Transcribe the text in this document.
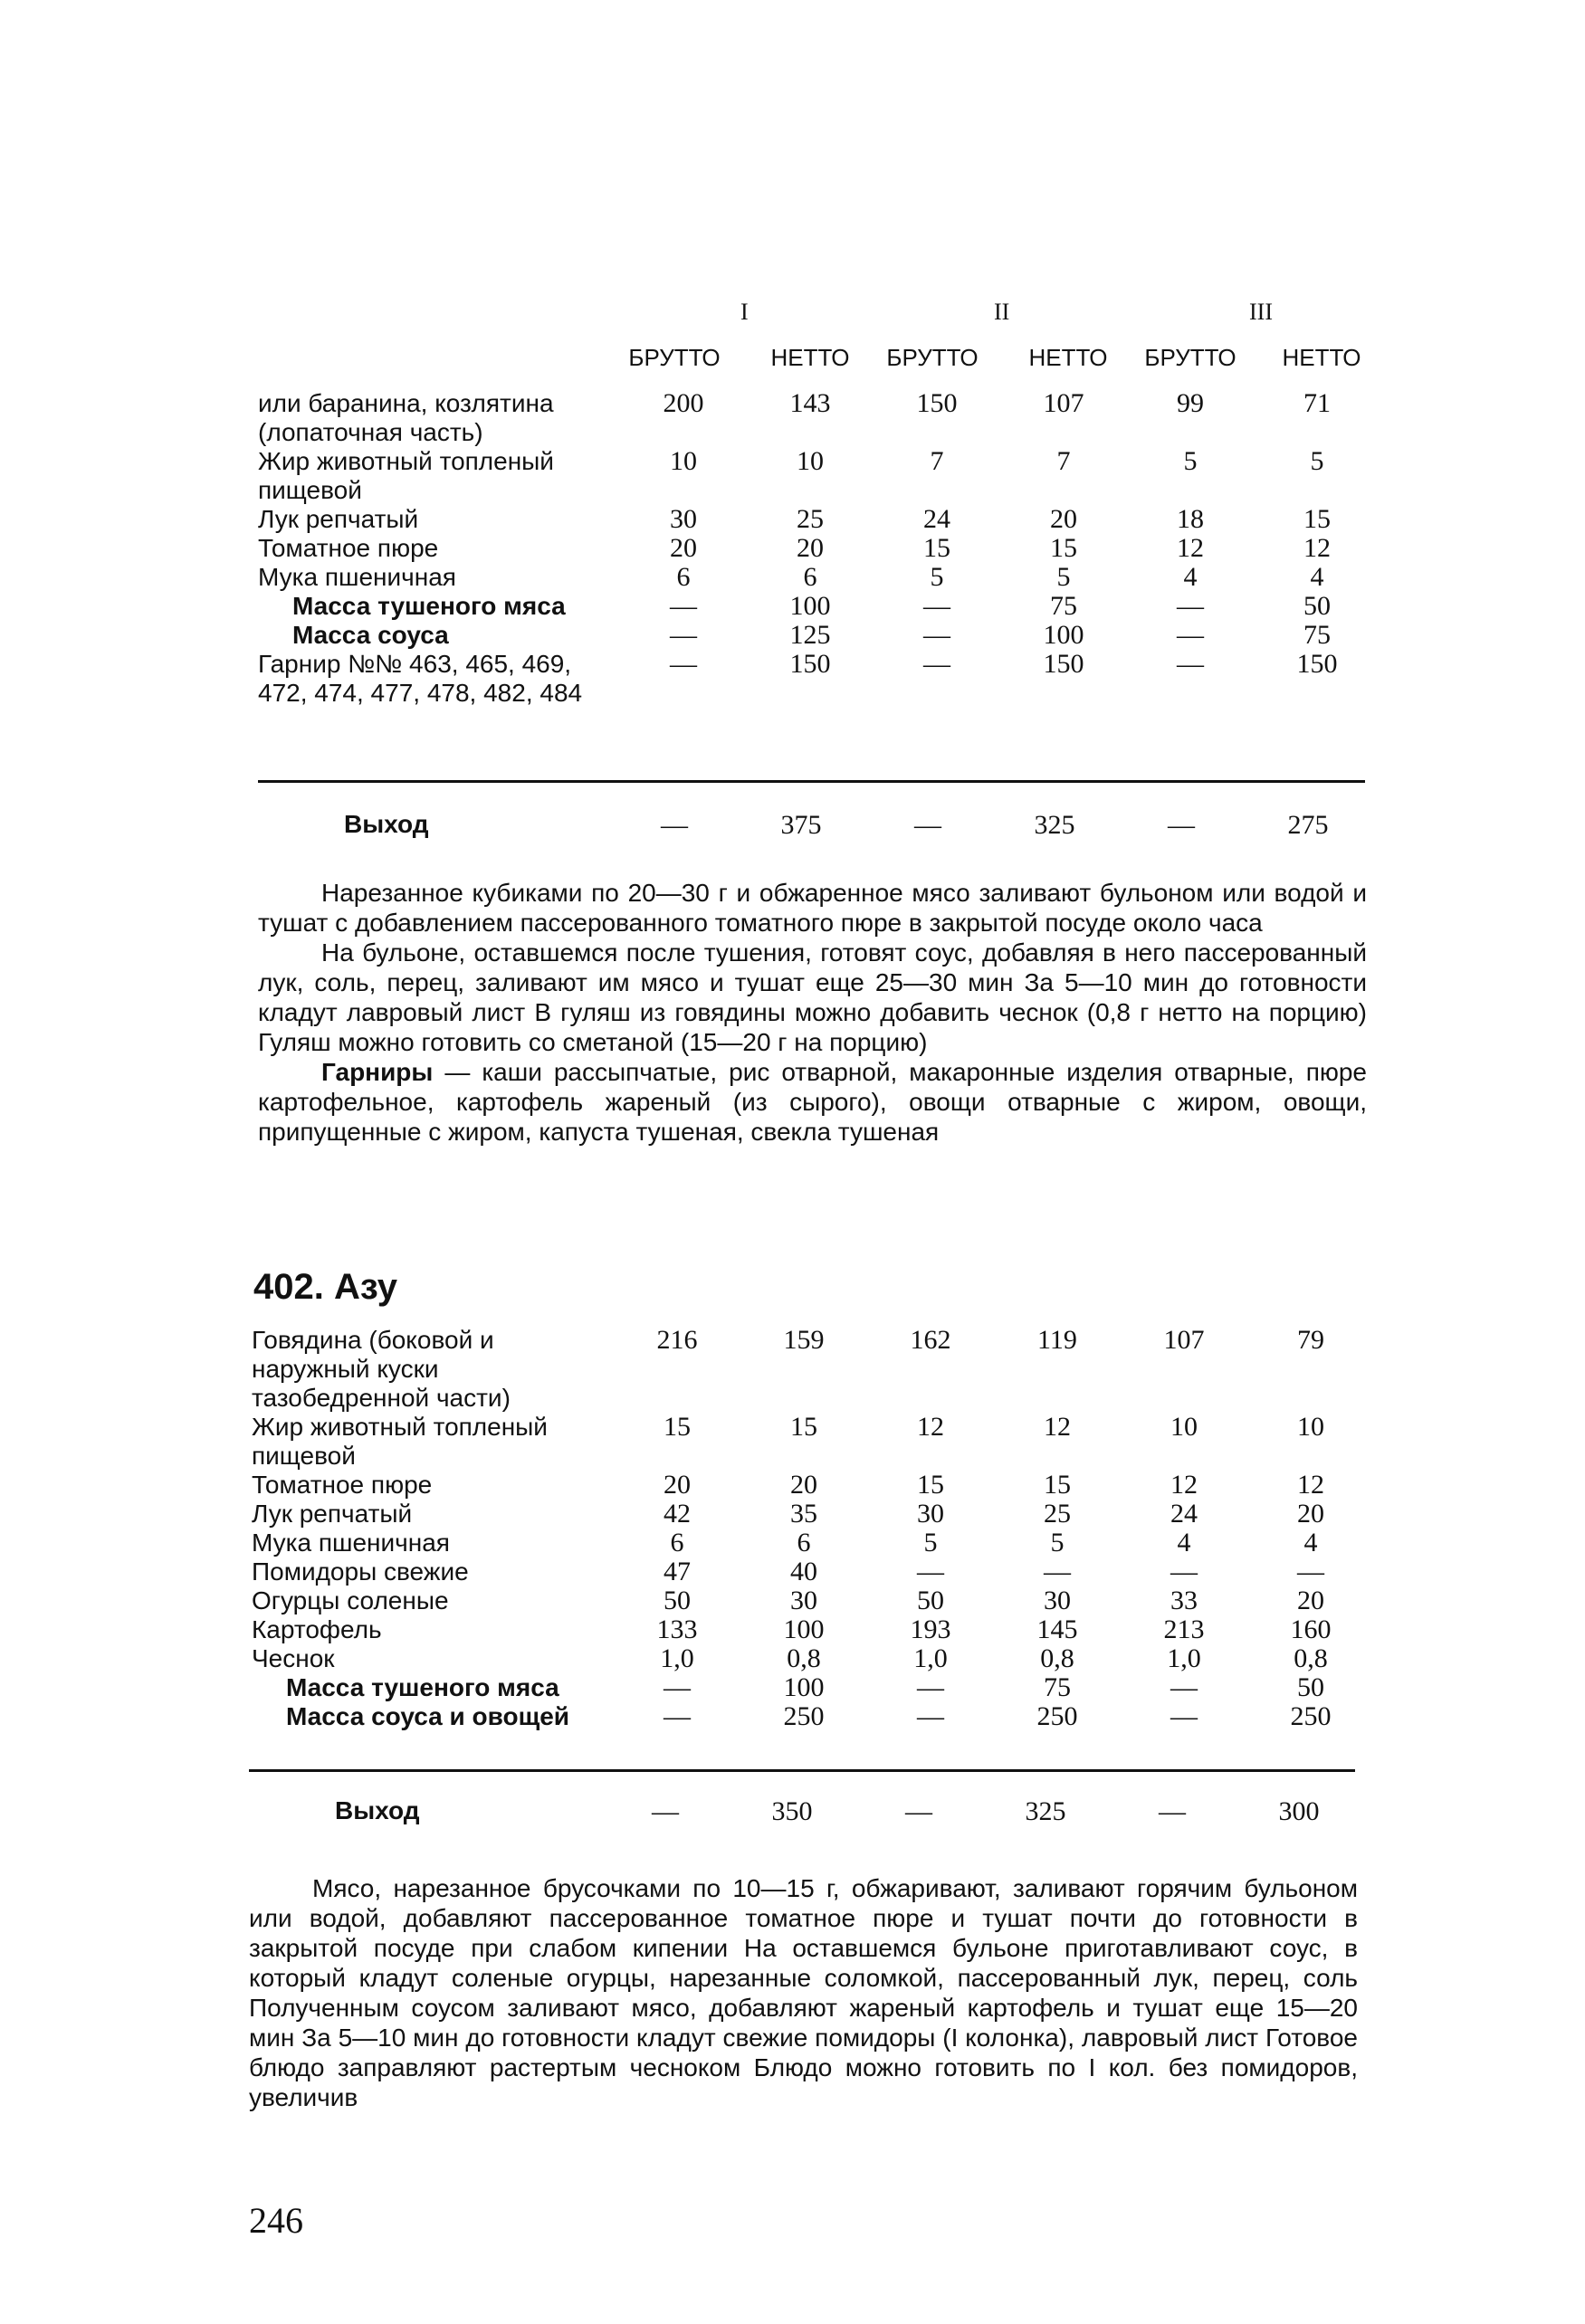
I	II	III
БРУТТО	НЕТТО	БРУТТО	НЕТТО	БРУТТО	НЕТТО
или баранина, козлятина (лопаточная часть)	200	143	150	107	99	71
Жир животный топленый пищевой	10	10	7	7	5	5
Лук репчатый	30	25	24	20	18	15
Томатное пюре	20	20	15	15	12	12
Мука пшеничная	6	6	5	5	4	4
Масса тушеного мяса	—	100	—	75	—	50
Масса соуса	—	125	—	100	—	75
Гарнир №№ 463, 465, 469, 472, 474, 477, 478, 482, 484	—	150	—	150	—	150
Выход	—	375	—	325	—	275

Нарезанное кубиками по 20—30 г и обжаренное мясо заливают бульоном или водой и тушат с добавлением пассерованного томатного пюре в закрытой посуде около часа

На бульоне, оставшемся после тушения, готовят соус, добавляя в него пассерованный лук, соль, перец, заливают им мясо и тушат еще 25—30 мин За 5—10 мин до готовности кладут лавровый лист В гуляш из говядины можно добавить чеснок (0,8 г нетто на порцию) Гуляш можно готовить со сметаной (15—20 г на порцию)

Гарниры — каши рассыпчатые, рис отварной, макаронные изделия отварные, пюре картофельное, картофель жареный (из сырого), овощи отварные с жиром, овощи, припущенные с жиром, капуста тушеная, свекла тушеная

402. Азу
Говядина (боковой и наружный куски тазобедренной части)	216	159	162	119	107	79
Жир животный топленый пищевой	15	15	12	12	10	10
Томатное пюре	20	20	15	15	12	12
Лук репчатый	42	35	30	25	24	20
Мука пшеничная	6	6	5	5	4	4
Помидоры свежие	47	40	—	—	—	—
Огурцы соленые	50	30	50	30	33	20
Картофель	133	100	193	145	213	160
Чеснок	1,0	0,8	1,0	0,8	1,0	0,8
Масса тушеного мяса	—	100	—	75	—	50
Масса соуса и овощей	—	250	—	250	—	250
Выход	—	350	—	325	—	300

Мясо, нарезанное брусочками по 10—15 г, обжаривают, заливают горячим бульоном или водой, добавляют пассерованное томатное пюре и тушат почти до готовности в закрытой посуде при слабом кипении На оставшемся бульоне приготавливают соус, в который кладут соленые огурцы, нарезанные соломкой, пассерованный лук, перец, соль Полученным соусом заливают мясо, добавляют жареный картофель и тушат еще 15—20 мин За 5—10 мин до готовности кладут свежие помидоры (I колонка), лавровый лист Готовое блюдо заправляют растертым чесноком Блюдо можно готовить по I кол. без помидоров, увеличив

246
